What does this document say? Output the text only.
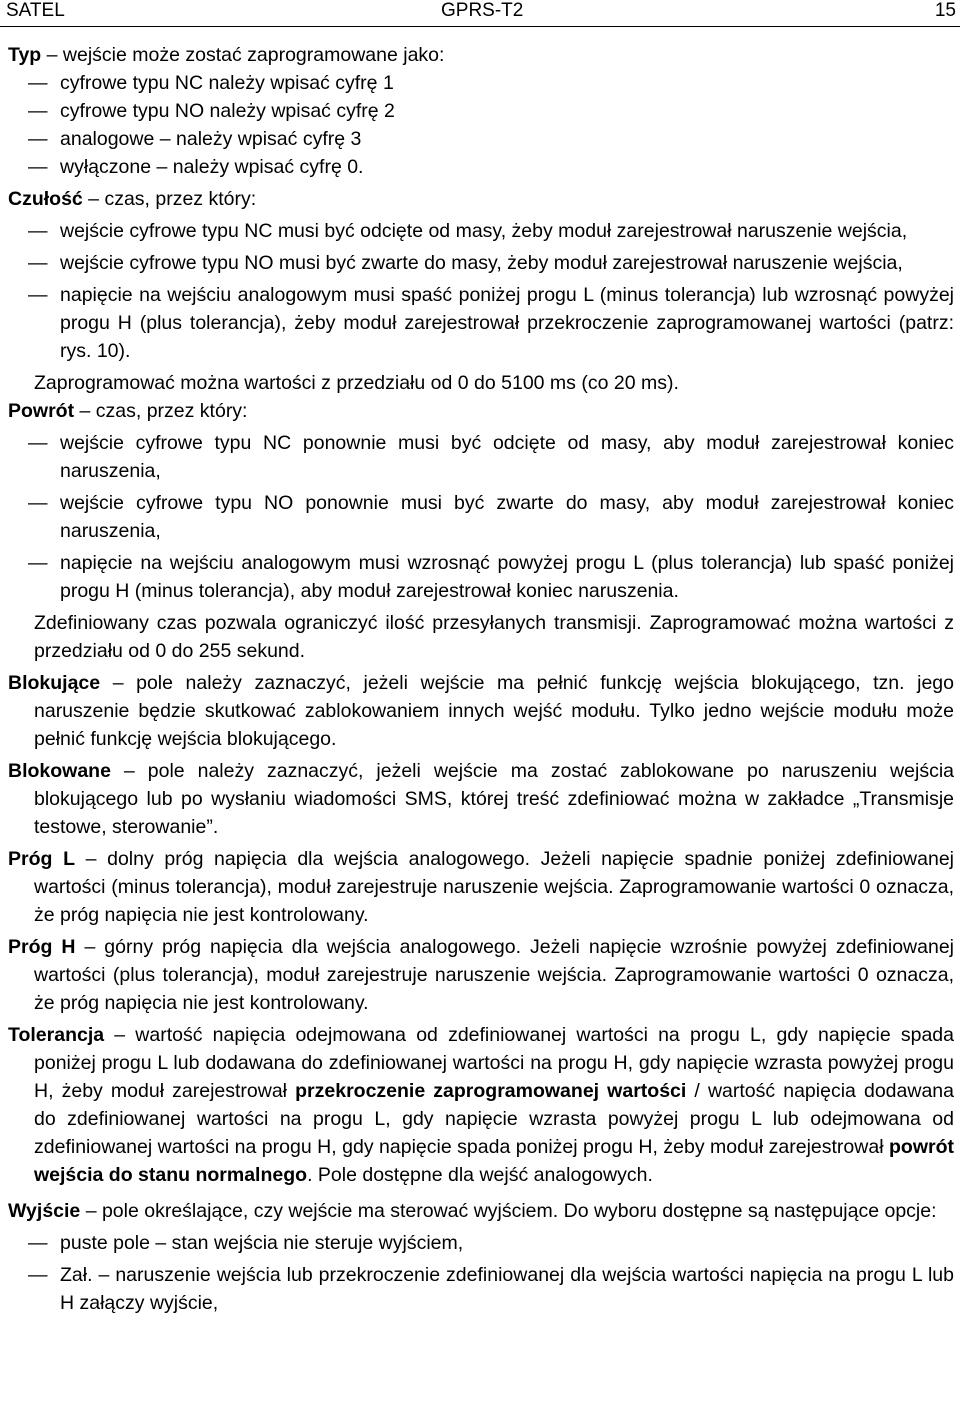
SATEL	GPRS-T2	15
Typ – wejście może zostać zaprogramowane jako:
— cyfrowe typu NC należy wpisać cyfrę 1
— cyfrowe typu NO należy wpisać cyfrę 2
— analogowe – należy wpisać cyfrę 3
— wyłączone – należy wpisać cyfrę 0.
Czułość – czas, przez który:
— wejście cyfrowe typu NC musi być odcięte od masy, żeby moduł zarejestrował naruszenie wejścia,
— wejście cyfrowe typu NO musi być zwarte do masy, żeby moduł zarejestrował naruszenie wejścia,
— napięcie na wejściu analogowym musi spaść poniżej progu L (minus tolerancja) lub wzrosnąć powyżej progu H (plus tolerancja), żeby moduł zarejestrował przekroczenie zaprogramowanej wartości (patrz: rys. 10).
Zaprogramować można wartości z przedziału od 0 do 5100 ms (co 20 ms).
Powrót – czas, przez który:
— wejście cyfrowe typu NC ponownie musi być odcięte od masy, aby moduł zarejestrował koniec naruszenia,
— wejście cyfrowe typu NO ponownie musi być zwarte do masy, aby moduł zarejestrował koniec naruszenia,
— napięcie na wejściu analogowym musi wzrosnąć powyżej progu L (plus tolerancja) lub spaść poniżej progu H (minus tolerancja), aby moduł zarejestrował koniec naruszenia.
Zdefiniowany czas pozwala ograniczyć ilość przesyłanych transmisji. Zaprogramować można wartości z przedziału od 0 do 255 sekund.
Blokujące – pole należy zaznaczyć, jeżeli wejście ma pełnić funkcję wejścia blokującego, tzn. jego naruszenie będzie skutkować zablokowaniem innych wejść modułu. Tylko jedno wejście modułu może pełnić funkcję wejścia blokującego.
Blokowane – pole należy zaznaczyć, jeżeli wejście ma zostać zablokowane po naruszeniu wejścia blokującego lub po wysłaniu wiadomości SMS, której treść zdefiniować można w zakładce „Transmisje testowe, sterowanie”.
Próg L – dolny próg napięcia dla wejścia analogowego. Jeżeli napięcie spadnie poniżej zdefiniowanej wartości (minus tolerancja), moduł zarejestruje naruszenie wejścia. Zaprogramowanie wartości 0 oznacza, że próg napięcia nie jest kontrolowany.
Próg H – górny próg napięcia dla wejścia analogowego. Jeżeli napięcie wzrośnie powyżej zdefiniowanej wartości (plus tolerancja), moduł zarejestruje naruszenie wejścia. Zaprogramowanie wartości 0 oznacza, że próg napięcia nie jest kontrolowany.
Tolerancja – wartość napięcia odejmowana od zdefiniowanej wartości na progu L, gdy napięcie spada poniżej progu L lub dodawana do zdefiniowanej wartości na progu H, gdy napięcie wzrasta powyżej progu H, żeby moduł zarejestrował przekroczenie zaprogramowanej wartości / wartość napięcia dodawana do zdefiniowanej wartości na progu L, gdy napięcie wzrasta powyżej progu L lub odejmowana od zdefiniowanej wartości na progu H, gdy napięcie spada poniżej progu H, żeby moduł zarejestrował powrót wejścia do stanu normalnego. Pole dostępne dla wejść analogowych.
Wyjście – pole określające, czy wejście ma sterować wyjściem. Do wyboru dostępne są następujące opcje:
— puste pole – stan wejścia nie steruje wyjściem,
— Zał. – naruszenie wejścia lub przekroczenie zdefiniowanej dla wejścia wartości napięcia na progu L lub H załączy wyjście,
